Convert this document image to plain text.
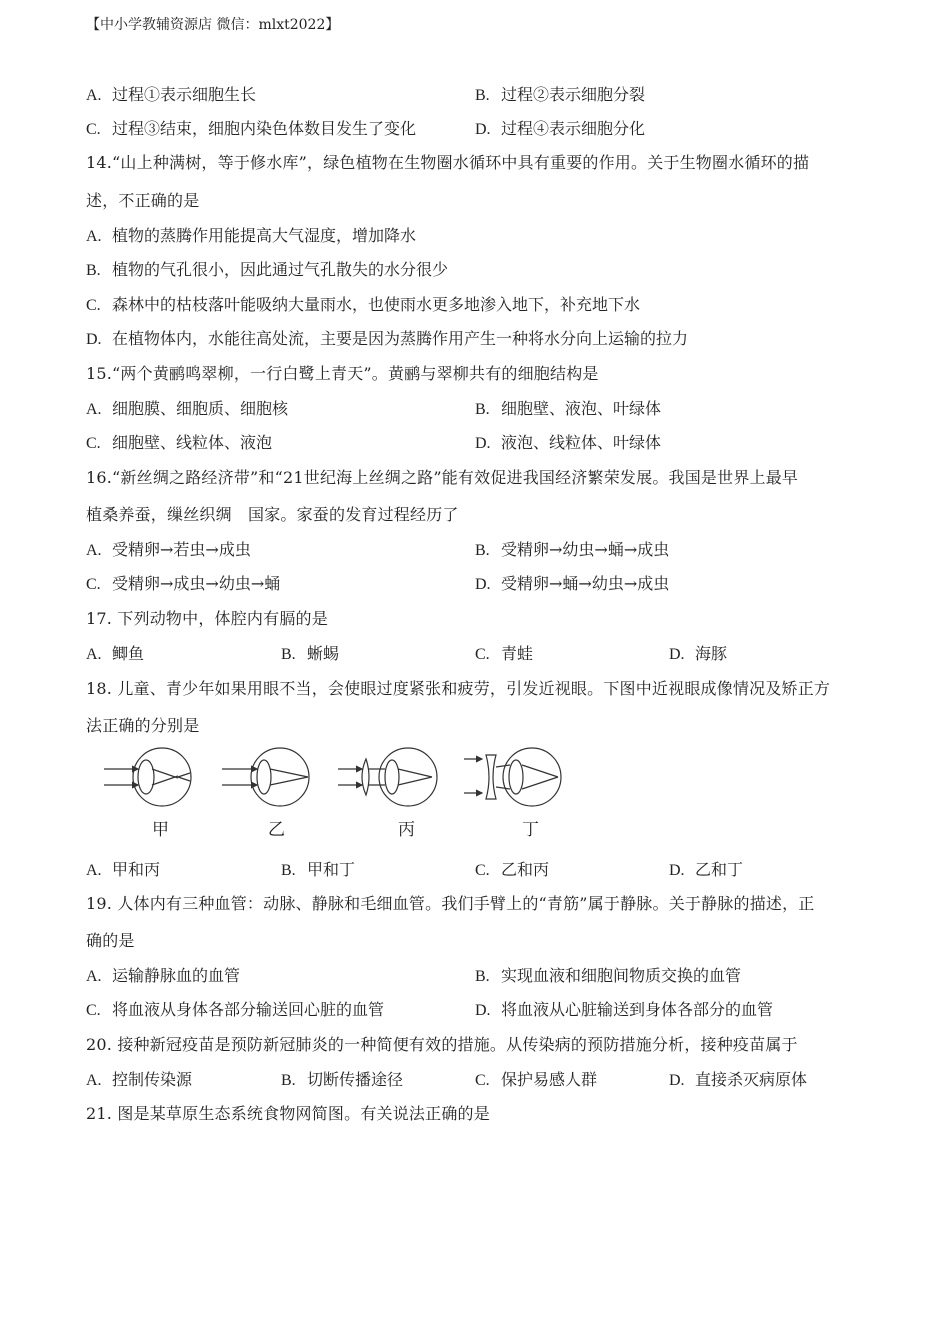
【中小学教辅资源店 微信：mlxt2022】
A. 过程①表示细胞生长	B. 过程②表示细胞分裂
C. 过程③结束，细胞内染色体数目发生了变化	D. 过程④表示细胞分化
14.“山上种满树，等于修水库”，绿色植物在生物圈水循环中具有重要的作用。关于生物圈水循环的描
述，不正确的是
A. 植物的蒸腾作用能提高大气湿度，增加降水
B. 植物的气孔很小，因此通过气孔散失的水分很少
C. 森林中的枯枝落叶能吸纳大量雨水，也使雨水更多地渗入地下，补充地下水
D. 在植物体内，水能往高处流，主要是因为蒸腾作用产生一种将水分向上运输的拉力
15.“两个黄鹂鸣翠柳，一行白鹭上青天”。黄鹂与翠柳共有的细胞结构是
A. 细胞膜、细胞质、细胞核	B. 细胞壁、液泡、叶绿体
C. 细胞壁、线粒体、液泡	D. 液泡、线粒体、叶绿体
16.“新丝绸之路经济带”和“21世纪海上丝绸之路”能有效促进我国经济繁荣发展。我国是世界上最早
植桑养蚕，缫丝织绸　国家。家蚕的发育过程经历了
A. 受精卵→若虫→成虫	B. 受精卵→幼虫→蛹→成虫
C. 受精卵→成虫→幼虫→蛹	D. 受精卵→蛹→幼虫→成虫
17. 下列动物中，体腔内有膈的是
A. 鲫鱼	B. 蜥蜴	C. 青蛙	D. 海豚
18. 儿童、青少年如果用眼不当，会使眼过度紧张和疲劳，引发近视眼。下图中近视眼成像情况及矫正方
法正确的分别是
甲	乙	丙	丁
A. 甲和丙	B. 甲和丁	C. 乙和丙	D. 乙和丁
19. 人体内有三种血管：动脉、静脉和毛细血管。我们手臂上的“青筋”属于静脉。关于静脉的描述，正
确的是
A. 运输静脉血的血管	B. 实现血液和细胞间物质交换的血管
C. 将血液从身体各部分输送回心脏的血管	D. 将血液从心脏输送到身体各部分的血管
20. 接种新冠疫苗是预防新冠肺炎的一种简便有效的措施。从传染病的预防措施分析，接种疫苗属于
A. 控制传染源	B. 切断传播途径	C. 保护易感人群	D. 直接杀灭病原体
21. 图是某草原生态系统食物网简图。有关说法正确的是
